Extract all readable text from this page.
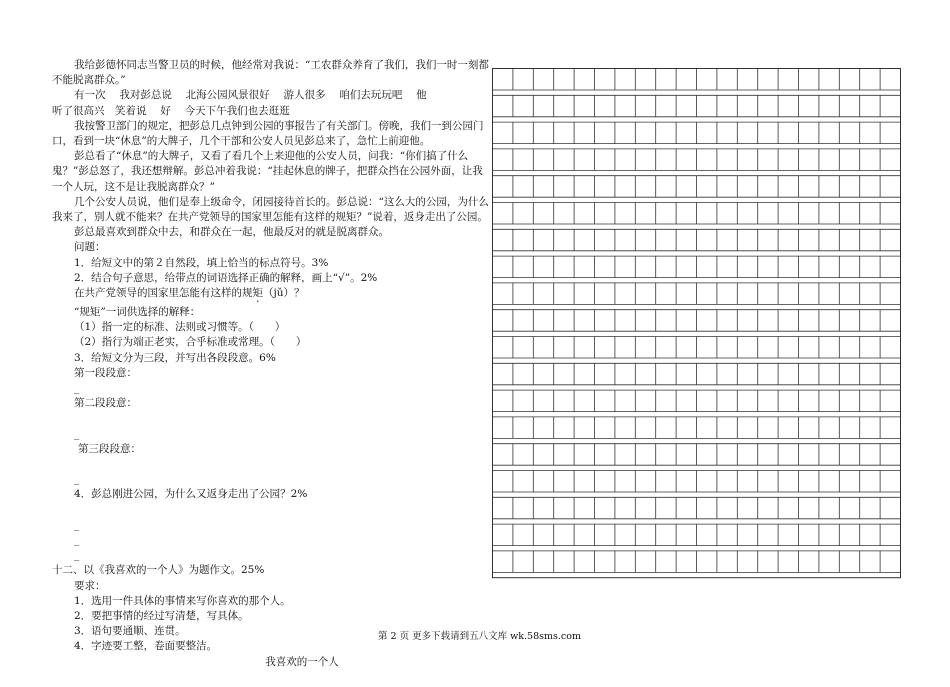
我给彭德怀同志当警卫员的时候，他经常对我说：“工农群众养育了我们，我们一时一刻都不能脱离群众。”

有一次　 我对彭总说　 北海公园风景很好　 游人很多　 咱们去玩玩吧　 他

听了很高兴　笑着说　 好　 今天下午我们也去逛逛

我按警卫部门的规定，把彭总几点钟到公园的事报告了有关部门。傍晚，我们一到公园门口，看到一块“休息”的大牌子，几个干部和公安人员见彭总来了，急忙上前迎他。

彭总看了“休息”的大牌子，又看了看几个上来迎他的公安人员，问我：“你们搞了什么鬼？”彭总怒了，我还想辩解。彭总冲着我说：“挂起休息的牌子，把群众挡在公园外面，让我一个人玩，这不是让我脱离群众？”

几个公安人员说，他们是奉上级命令，闭园接待首长的。彭总说：“这么大的公园，为什么我来了，别人就不能来？在共产党领导的国家里怎能有这样的规矩？”说着，返身走出了公园。

彭总最喜欢到群众中去，和群众在一起，他最反对的就是脱离群众。

问题：

1．给短文中的第２自然段，填上恰当的标点符号。3%

2．结合句子意思，给带点的词语选择正确的解释，画上“√”。2%

在共产党领导的国家里怎能有这样的规矩（jǔ）？

“规矩”一词供选择的解释：

（1）指一定的标准、法则或习惯等。（　　）

（2）指行为端正老实，合乎标准或常理。（　　）

3．给短文分为三段，并写出各段段意。6%

第一段段意：

_

第二段段意：

_

第三段段意：

_

4．彭总刚进公园，为什么又返身走出了公园？2%

_

_

_

十二、以《我喜欢的一个人》为题作文。25%

要求：

1．选用一件具体的事情来写你喜欢的那个人。

2．要把事情的经过写清楚，写具体。

3．语句要通顺、连贯。

4．字迹要工整，卷面要整洁。

我喜欢的一个人

第 2 页 更多下载请到五八文库 wk.58sms.com
